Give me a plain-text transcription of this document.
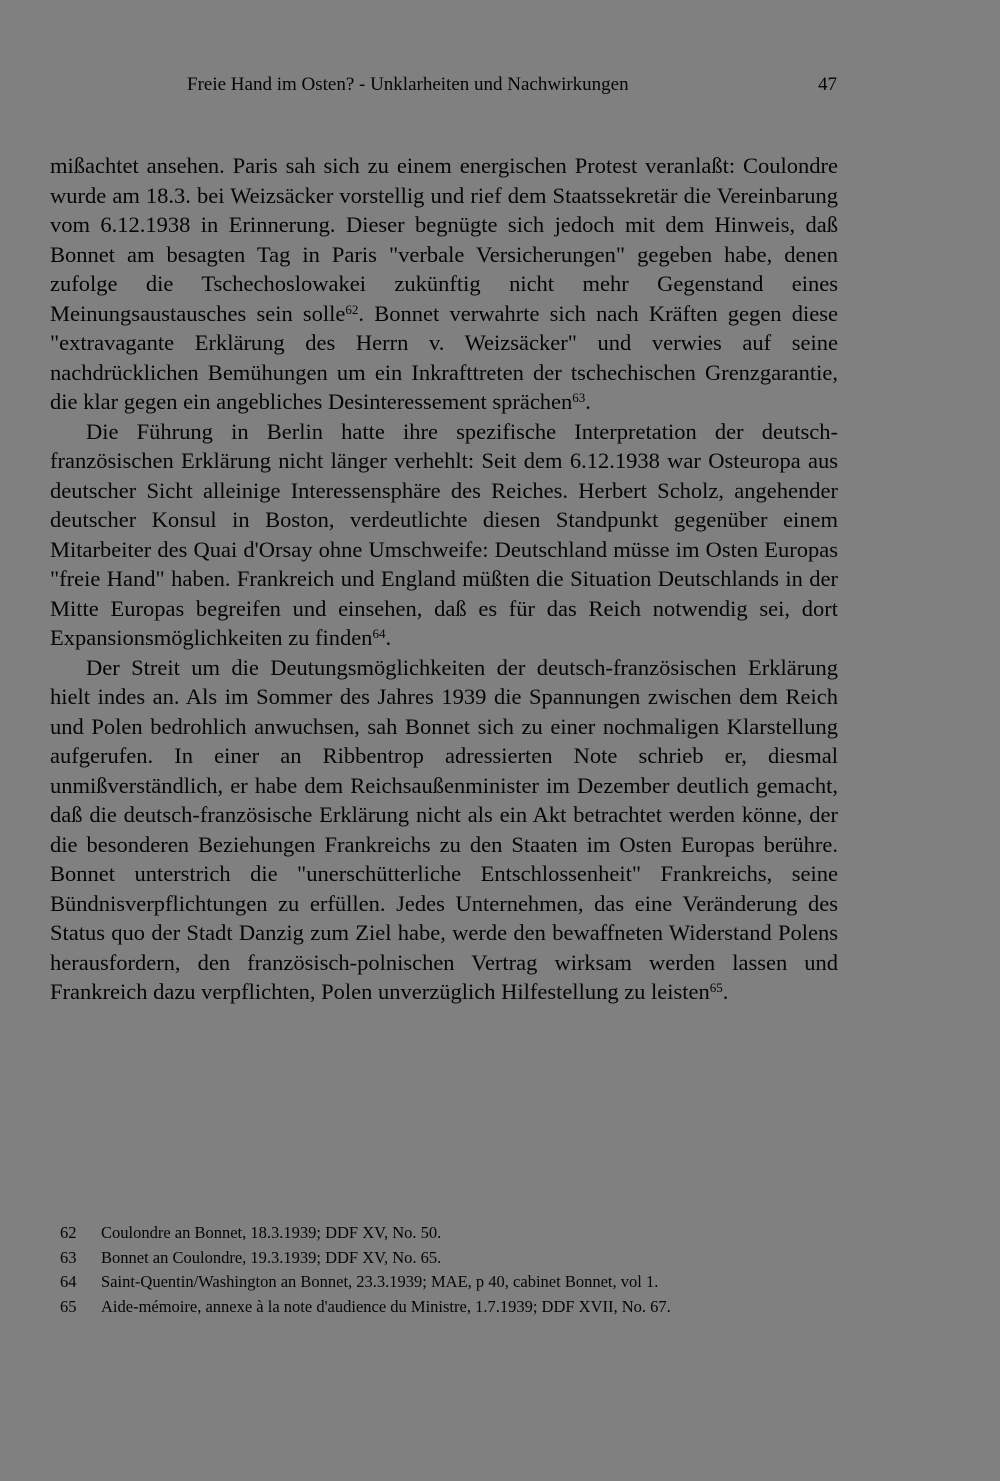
Freie Hand im Osten? - Unklarheiten und Nachwirkungen	47

mißachtet ansehen. Paris sah sich zu einem energischen Protest veranlaßt: Coulondre wurde am 18.3. bei Weizsäcker vorstellig und rief dem Staatssekretär die Vereinbarung vom 6.12.1938 in Erinnerung. Dieser begnügte sich jedoch mit dem Hinweis, daß Bonnet am besagten Tag in Paris "verbale Versicherungen" gegeben habe, denen zufolge die Tschechoslowakei zukünftig nicht mehr Gegenstand eines Meinungsaustausches sein solle$^{62}$. Bonnet verwahrte sich nach Kräften gegen diese "extravagante Erklärung des Herrn v. Weizsäcker" und verwies auf seine nachdrücklichen Bemühungen um ein Inkrafttreten der tschechischen Grenzgarantie, die klar gegen ein angebliches Desinteressement sprächen$^{63}$.

Die Führung in Berlin hatte ihre spezifische Interpretation der deutsch-französischen Erklärung nicht länger verhehlt: Seit dem 6.12.1938 war Osteuropa aus deutscher Sicht alleinige Interessensphäre des Reiches. Herbert Scholz, angehender deutscher Konsul in Boston, verdeutlichte diesen Standpunkt gegenüber einem Mitarbeiter des Quai d'Orsay ohne Umschweife: Deutschland müsse im Osten Europas "freie Hand" haben. Frankreich und England müßten die Situation Deutschlands in der Mitte Europas begreifen und einsehen, daß es für das Reich notwendig sei, dort Expansionsmöglichkeiten zu finden$^{64}$.

Der Streit um die Deutungsmöglichkeiten der deutsch-französischen Erklärung hielt indes an. Als im Sommer des Jahres 1939 die Spannungen zwischen dem Reich und Polen bedrohlich anwuchsen, sah Bonnet sich zu einer nochmaligen Klarstellung aufgerufen. In einer an Ribbentrop adressierten Note schrieb er, diesmal unmißverständlich, er habe dem Reichsaußenminister im Dezember deutlich gemacht, daß die deutsch-französische Erklärung nicht als ein Akt betrachtet werden könne, der die besonderen Beziehungen Frankreichs zu den Staaten im Osten Europas berühre. Bonnet unterstrich die "unerschütterliche Entschlossenheit" Frankreichs, seine Bündnisverpflichtungen zu erfüllen. Jedes Unternehmen, das eine Veränderung des Status quo der Stadt Danzig zum Ziel habe, werde den bewaffneten Widerstand Polens herausfordern, den französisch-polnischen Vertrag wirksam werden lassen und Frankreich dazu verpflichten, Polen unverzüglich Hilfestellung zu leisten$^{65}$.

62 Coulondre an Bonnet, 18.3.1939; DDF XV, No. 50.
63 Bonnet an Coulondre, 19.3.1939; DDF XV, No. 65.
64 Saint-Quentin/Washington an Bonnet, 23.3.1939; MAE, p 40, cabinet Bonnet, vol 1.
65 Aide-mémoire, annexe à la note d'audience du Ministre, 1.7.1939; DDF XVII, No. 67.
